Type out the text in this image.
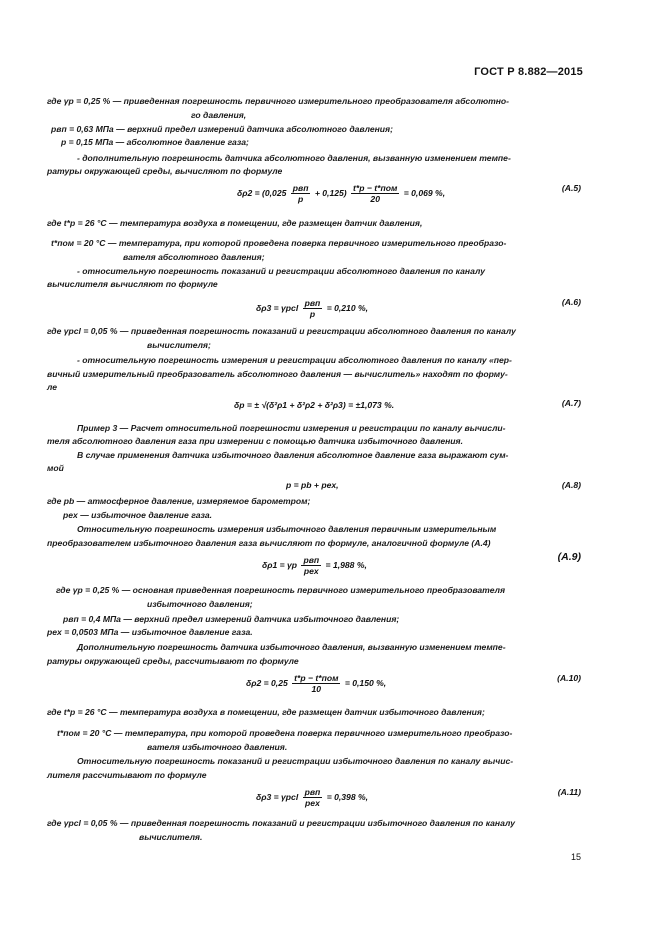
ГОСТ Р 8.882—2015
где γр = 0,25 % — приведенная погрешность первичного измерительного преобразователя абсолютно-
го давления,
pвп = 0,63 МПа — верхний предел измерений датчика абсолютного давления;
p = 0,15 МПа — абсолютное давление газа;
- дополнительную погрешность датчика абсолютного давления, вызванную изменением темпе-
ратуры окружающей среды, вычисляют по формуле
$\delta\rho 2 = (0,025 \frac{\text{pвп}}{p} + 0,125) \frac{\text{t*р − t*пом}}{20} = 0,069$ %,	(А.5)
где t*р = 26 °С — температура воздуха в помещении, где размещен датчик давления,
t*пом = 20 °С — температура, при которой проведена поверка первичного измерительного преобразо-
вателя абсолютного давления;
- относительную погрешность показаний и регистрации абсолютного давления по каналу
вычислителя вычисляют по формуле
δρ3 = γpcl $\frac{\text{pвп}}{p} = 0,210$ %,
(А.6)
где γpcl = 0,05 % — приведенная погрешность показаний и регистрации абсолютного давления по каналу
вычислителя;
- относительную погрешность измерения и регистрации абсолютного давления по каналу «пер-
вичный измерительный преобразователь абсолютного давления — вычислитель» находят по форму-
ле
δр = ± √(δ²ρ1 + δ²ρ2 + δ²ρ3) = ±1,073 %.	(А.7)
Пример 3 — Расчет относительной погрешности измерения и регистрации по каналу вычисли-
теля абсолютного давления газа при измерении с помощью датчика избыточного давления.
В случае применения датчика избыточного давления абсолютное давление газа выражают сум-
мой
p = pb + pex,	(А.8)
где pb — атмосферное давление, измеряемое барометром;
pex — избыточное давление газа.
Относительную погрешность измерения избыточного давления первичным измерительным
преобразователем избыточного давления газа вычисляют по формуле, аналогичной формуле (А.4)
δρ1 = γр $\frac{\text{pвп}}{\text{pex}} = 1,988$ %,
(А.9)
где γр = 0,25 % — основная приведенная погрешность первичного измерительного преобразователя
избыточного давления;
pвп = 0,4 МПа — верхний предел измерений датчика избыточного давления;
pex = 0,0503 МПа — избыточное давление газа.
Дополнительную погрешность датчика избыточного давления, вызванную изменением темпе-
ратуры окружающей среды, рассчитывают по формуле
$\delta\rho 2 = 0,25 \frac{\text{t*р − t*пом}}{10} = 0,150$ %,	(А.10)
где t*р = 26 °С — температура воздуха в помещении, где размещен датчик избыточного давления;
t*пом = 20 °С — температура, при которой проведена поверка первичного измерительного преобразо-
вателя избыточного давления.
Относительную погрешность показаний и регистрации избыточного давления по каналу вычис-
лителя рассчитывают по формуле
δρ3 = γpcl $\frac{\text{pвп}}{\text{pex}} = 0,398$ %,	(А.11)
где γpcl = 0,05 % — приведенная погрешность показаний и регистрации избыточного давления по каналу
вычислителя.
15
